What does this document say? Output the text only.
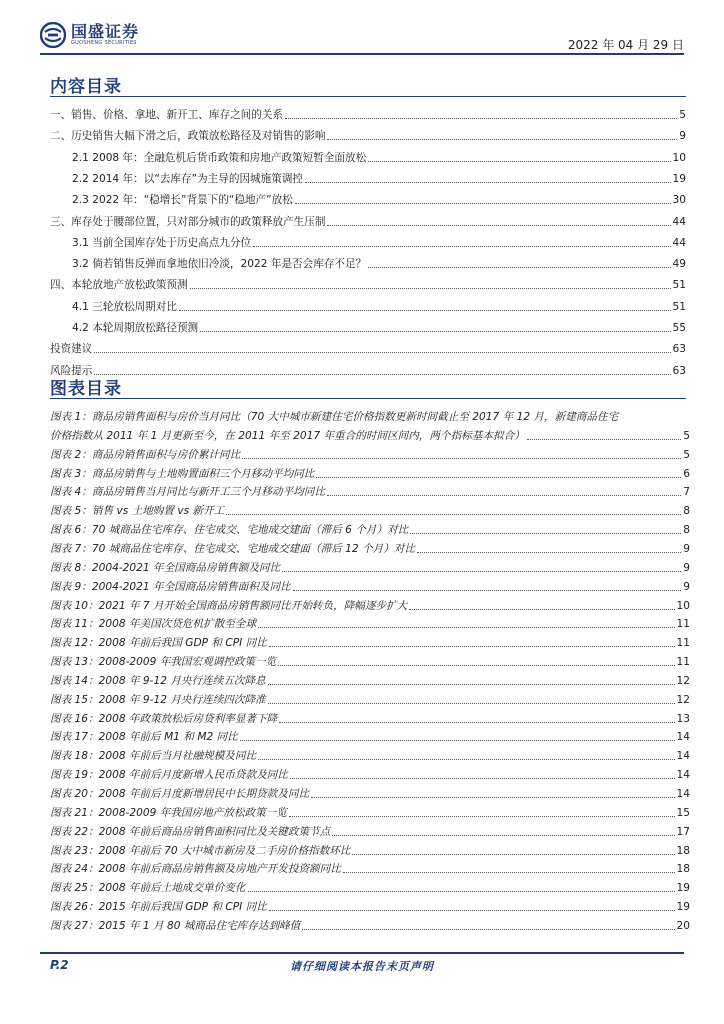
国盛证券
GUOSHENG SECURITIES	2022 年 04 月 29 日
内容目录
一、销售、价格、拿地、新开工、库存之间的关系	5
二、历史销售大幅下滑之后，政策放松路径及对销售的影响	9
2.1 2008 年：全融危机后货币政策和房地产政策短暂全面放松	10
2.2 2014 年：以“去库存”为主导的因城施策调控	19
2.3 2022 年：“稳增长”背景下的“稳地产”放松	30
三、库存处于腰部位置，只对部分城市的政策释放产生压制	44
3.1 当前全国库存处于历史高点九分位	44
3.2 倘若销售反弹而拿地依旧冷淡，2022 年是否会库存不足？	49
四、本轮放地产放松政策预测	51
4.1 三轮放松周期对比	51
4.2 本轮周期放松路径预测	55
投资建议	63
风险提示	63
图表目录
图表 1：商品房销售面积与房价当月同比（70 大中城市新建住宅价格指数更新时间截止至 2017 年 12 月，新建商品住宅
价格指数从 2011 年 1 月更新至今，在 2011 年至 2017 年重合的时间区间内，两个指标基本拟合）	5
图表 2：商品房销售面积与房价累计同比	5
图表 3：商品房销售与土地购置面积三个月移动平均同比	6
图表 4：商品房销售当月同比与新开工三个月移动平均同比	7
图表 5：销售 vs 土地购置 vs 新开工	8
图表 6：70 城商品住宅库存、住宅成交、宅地成交建面（滞后 6 个月）对比	8
图表 7：70 城商品住宅库存、住宅成交、宅地成交建面（滞后 12 个月）对比	9
图表 8：2004-2021 年全国商品房销售额及同比	9
图表 9：2004-2021 年全国商品房销售面积及同比	9
图表 10：2021 年 7 月开始全国商品房销售额同比开始转负，降幅逐步扩大	10
图表 11：2008 年美国次贷危机扩散至全球	11
图表 12：2008 年前后我国 GDP 和 CPI 同比	11
图表 13：2008-2009 年我国宏观调控政策一览	11
图表 14：2008 年 9-12 月央行连续五次降息	12
图表 15：2008 年 9-12 月央行连续四次降准	12
图表 16：2008 年政策放松后房贷利率显著下降	13
图表 17：2008 年前后 M1 和 M2 同比	14
图表 18：2008 年前后当月社融规模及同比	14
图表 19：2008 年前后月度新增人民币贷款及同比	14
图表 20：2008 年前后月度新增居民中长期贷款及同比	14
图表 21：2008-2009 年我国房地产放松政策一览	15
图表 22：2008 年前后商品房销售面积同比及关键政策节点	17
图表 23：2008 年前后 70 大中城市新房及二手房价格指数环比	18
图表 24：2008 年前后商品房销售额及房地产开发投资额同比	18
图表 25：2008 年前后土地成交单价变化	19
图表 26：2015 年前后我国 GDP 和 CPI 同比	19
图表 27：2015 年 1 月 80 城商品住宅库存达到峰值	20
P.2	请仔细阅读本报告末页声明
